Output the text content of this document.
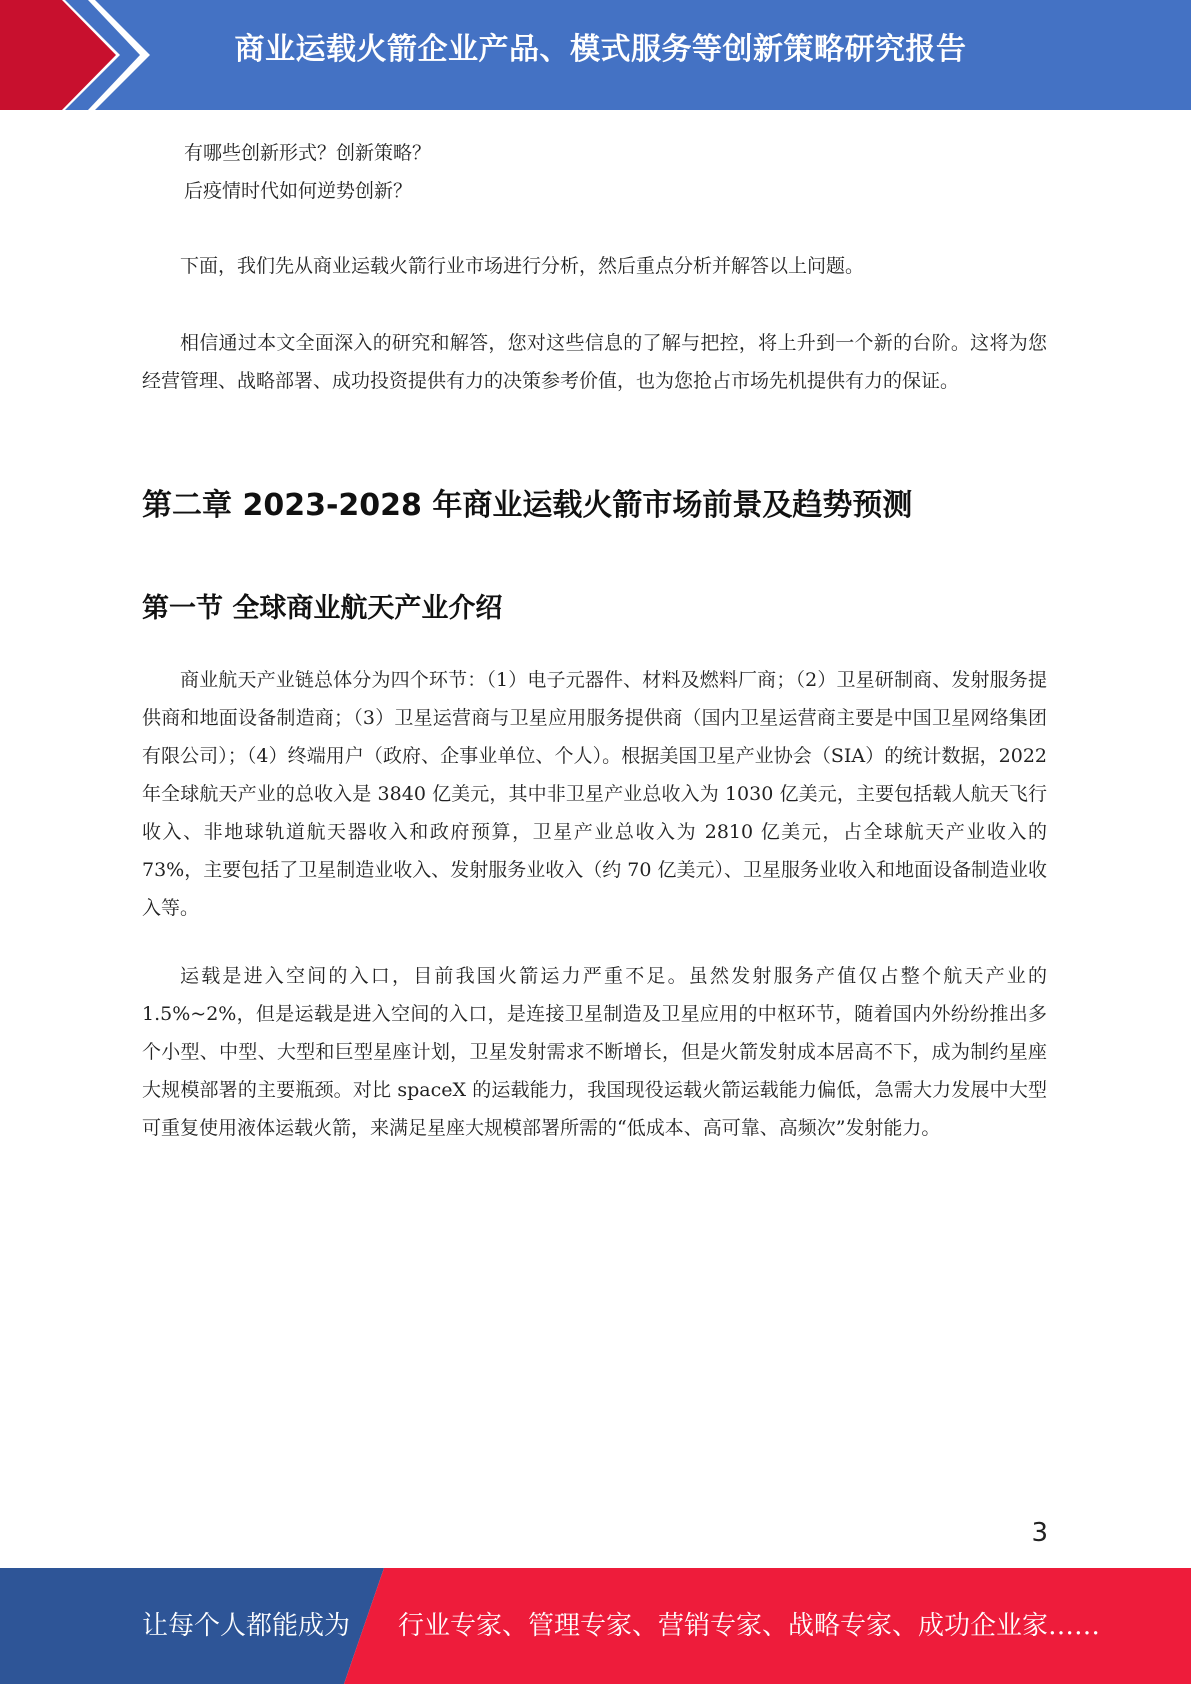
商业运载火箭企业产品、模式服务等创新策略研究报告

有哪些创新形式？创新策略？

后疫情时代如何逆势创新？

下面，我们先从商业运载火箭行业市场进行分析，然后重点分析并解答以上问题。

相信通过本文全面深入的研究和解答，您对这些信息的了解与把控，将上升到一个新的台阶。这将为您经营管理、战略部署、成功投资提供有力的决策参考价值，也为您抢占市场先机提供有力的保证。

第二章 2023-2028 年商业运载火箭市场前景及趋势预测
第一节 全球商业航天产业介绍

商业航天产业链总体分为四个环节：（1）电子元器件、材料及燃料厂商；（2）卫星研制商、发射服务提供商和地面设备制造商；（3）卫星运营商与卫星应用服务提供商（国内卫星运营商主要是中国卫星网络集团有限公司）；（4）终端用户（政府、企事业单位、个人）。根据美国卫星产业协会（SIA）的统计数据，2022 年全球航天产业的总收入是 3840 亿美元，其中非卫星产业总收入为 1030 亿美元，主要包括载人航天飞行收入、非地球轨道航天器收入和政府预算，卫星产业总收入为 2810 亿美元，占全球航天产业收入的 73%，主要包括了卫星制造业收入、发射服务业收入（约 70 亿美元）、卫星服务业收入和地面设备制造业收入等。

运载是进入空间的入口，目前我国火箭运力严重不足。虽然发射服务产值仅占整个航天产业的 1.5%~2%，但是运载是进入空间的入口，是连接卫星制造及卫星应用的中枢环节，随着国内外纷纷推出多个小型、中型、大型和巨型星座计划，卫星发射需求不断增长，但是火箭发射成本居高不下，成为制约星座大规模部署的主要瓶颈。对比 spaceX 的运载能力，我国现役运载火箭运载能力偏低，急需大力发展中大型可重复使用液体运载火箭，来满足星座大规模部署所需的“低成本、高可靠、高频次”发射能力。

3
让每个人都能成为 行业专家、管理专家、营销专家、战略专家、成功企业家……
